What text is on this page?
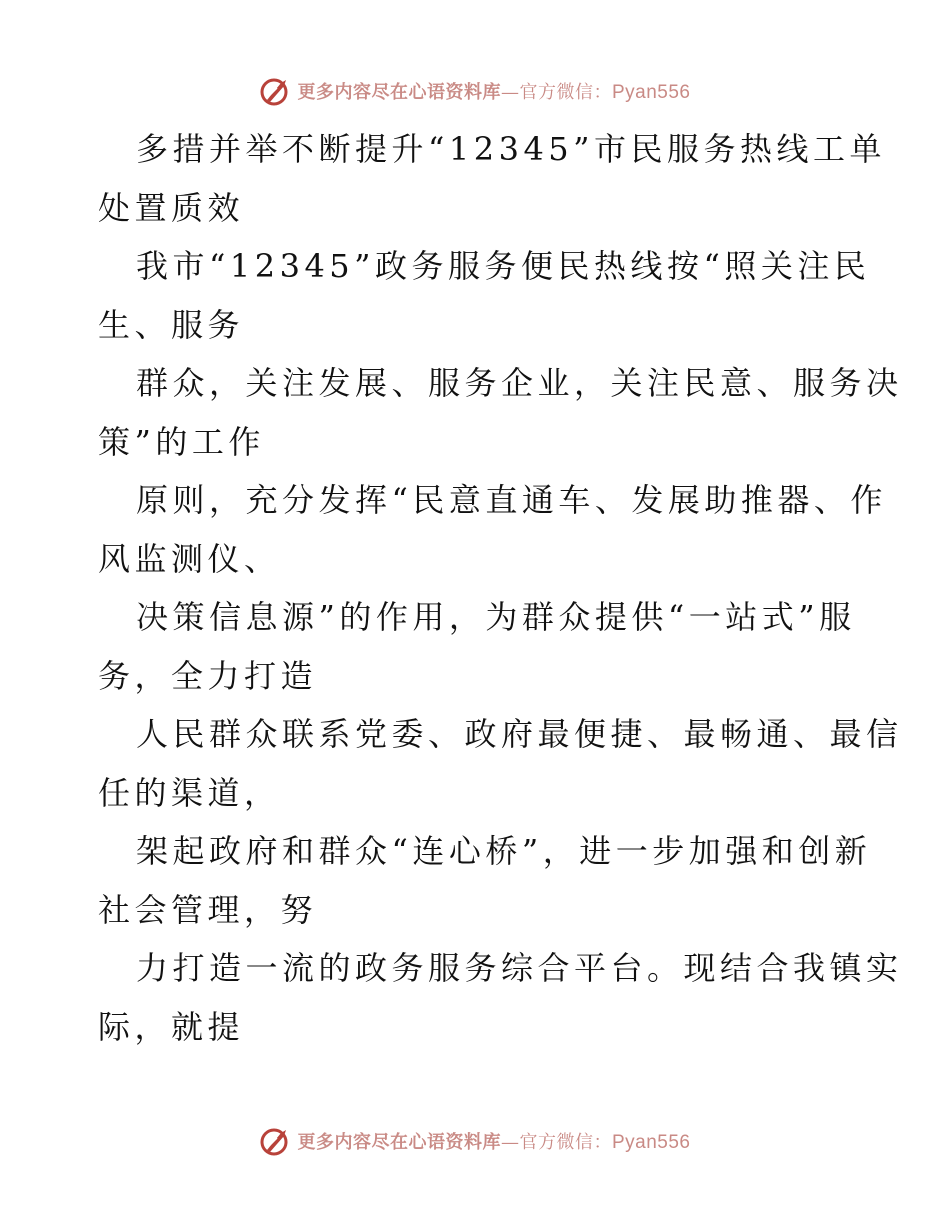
更多内容尽在心语资料库—官方微信：Pyan556

多措并举不断提升“12345”市民服务热线工单
处置质效

我市“12345”政务服务便民热线按“照关注民
生、服务

群众，关注发展、服务企业，关注民意、服务决
策”的工作

原则，充分发挥“民意直通车、发展助推器、作
风监测仪、

决策信息源”的作用，为群众提供“一站式”服
务，全力打造

人民群众联系党委、政府最便捷、最畅通、最信
任的渠道，

架起政府和群众“连心桥”，进一步加强和创新
社会管理，努

力打造一流的政务服务综合平台。现结合我镇实
际，就提

更多内容尽在心语资料库—官方微信：Pyan556
